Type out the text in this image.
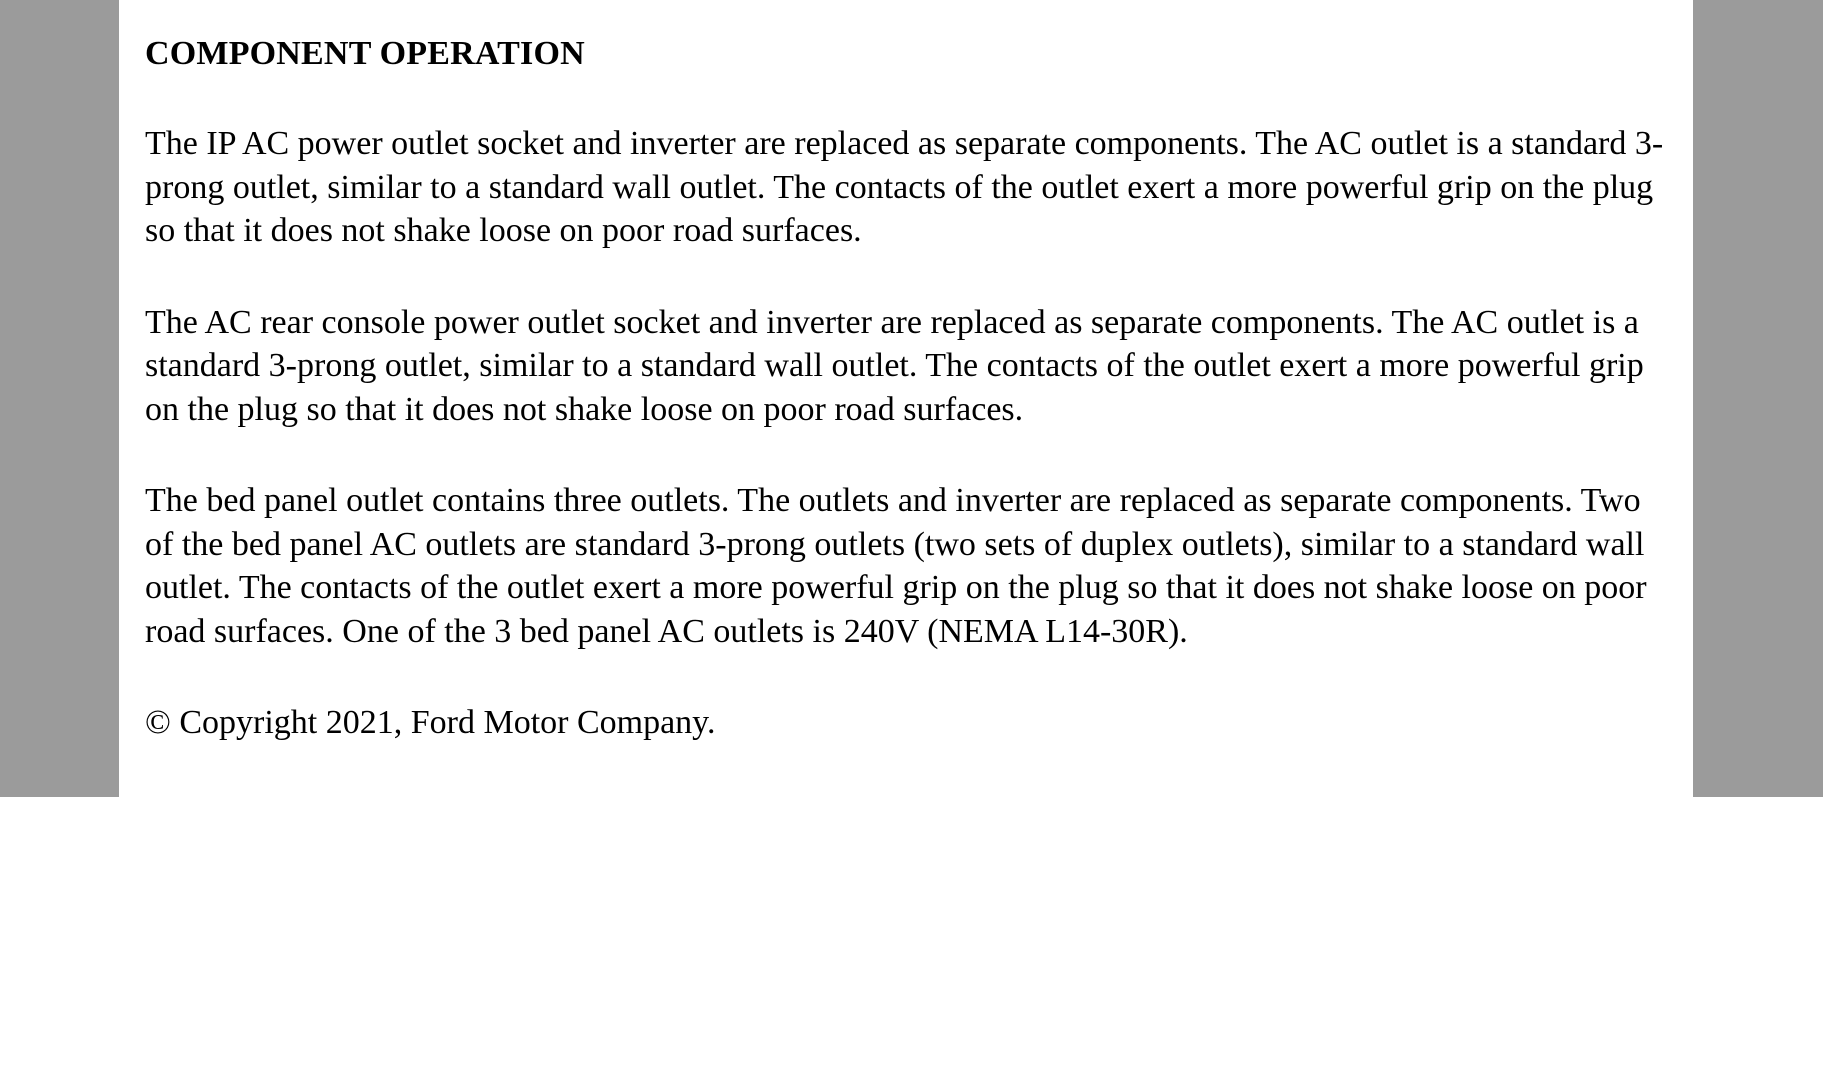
COMPONENT OPERATION

The IP AC power outlet socket and inverter are replaced as separate components. The AC outlet is a standard 3-prong outlet, similar to a standard wall outlet. The contacts of the outlet exert a more powerful grip on the plug so that it does not shake loose on poor road surfaces.

The AC rear console power outlet socket and inverter are replaced as separate components. The AC outlet is a standard 3-prong outlet, similar to a standard wall outlet. The contacts of the outlet exert a more powerful grip on the plug so that it does not shake loose on poor road surfaces.

The bed panel outlet contains three outlets. The outlets and inverter are replaced as separate components. Two of the bed panel AC outlets are standard 3-prong outlets (two sets of duplex outlets), similar to a standard wall outlet. The contacts of the outlet exert a more powerful grip on the plug so that it does not shake loose on poor road surfaces. One of the 3 bed panel AC outlets is 240V (NEMA L14-30R).

© Copyright 2021, Ford Motor Company.
